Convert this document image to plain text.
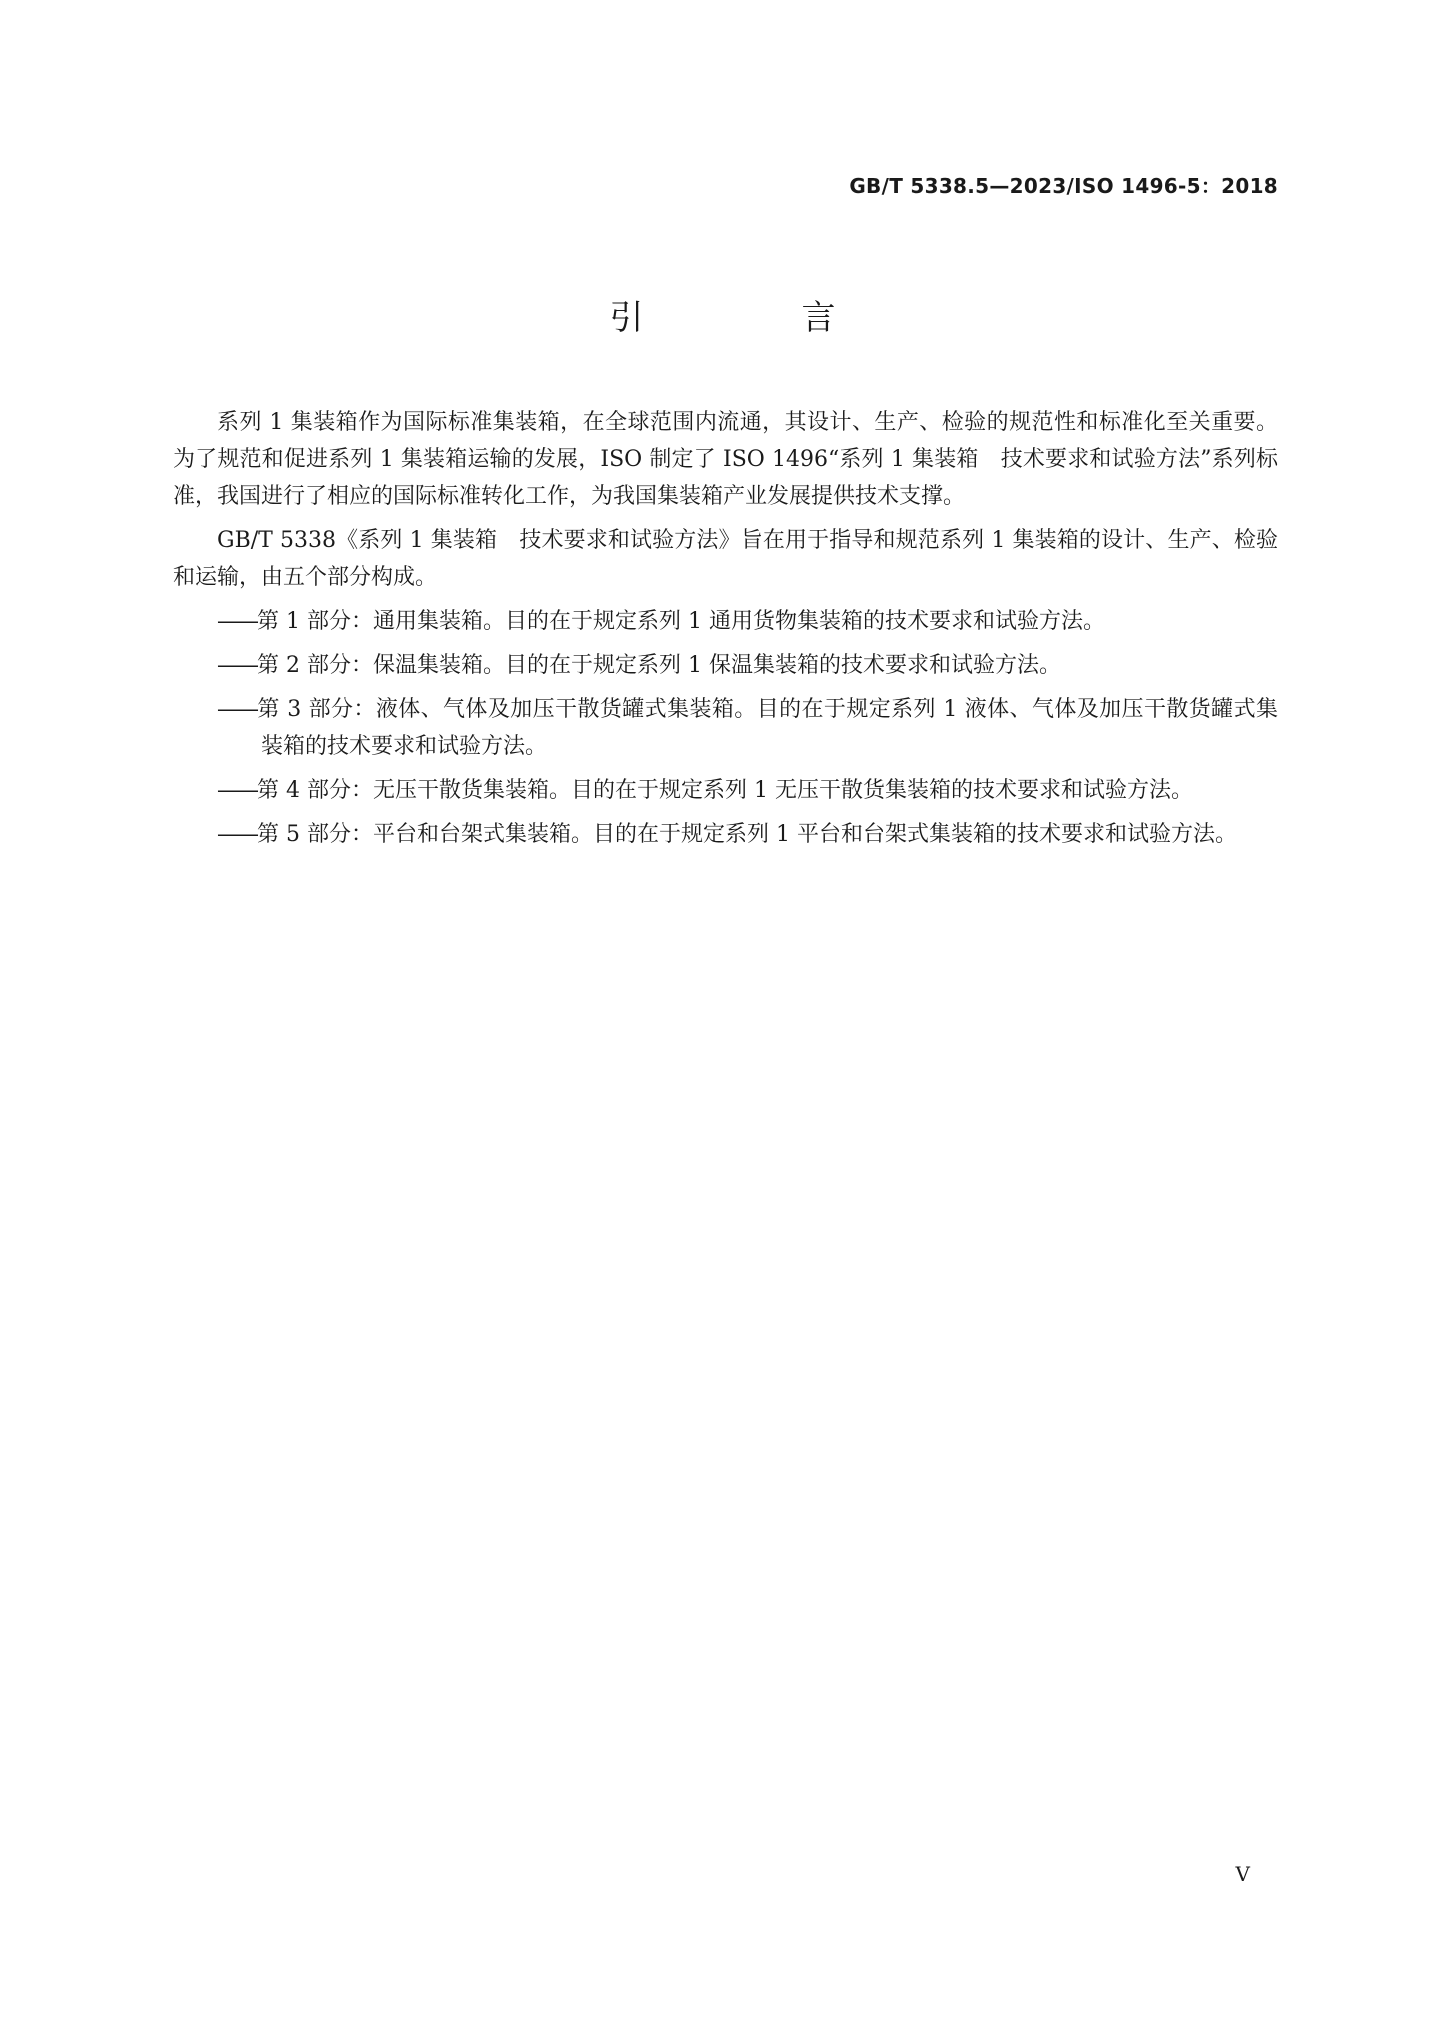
GB/T 5338.5—2023/ISO 1496-5：2018
引　言

系列 1 集装箱作为国际标准集装箱，在全球范围内流通，其设计、生产、检验的规范性和标准化至关重要。为了规范和促进系列 1 集装箱运输的发展，ISO 制定了 ISO 1496“系列 1 集装箱　技术要求和试验方法”系列标准，我国进行了相应的国际标准转化工作，为我国集装箱产业发展提供技术支撑。

GB/T 5338《系列 1 集装箱　技术要求和试验方法》旨在用于指导和规范系列 1 集装箱的设计、生产、检验和运输，由五个部分构成。

——第 1 部分：通用集装箱。目的在于规定系列 1 通用货物集装箱的技术要求和试验方法。

——第 2 部分：保温集装箱。目的在于规定系列 1 保温集装箱的技术要求和试验方法。

——第 3 部分：液体、气体及加压干散货罐式集装箱。目的在于规定系列 1 液体、气体及加压干散货罐式集装箱的技术要求和试验方法。

——第 4 部分：无压干散货集装箱。目的在于规定系列 1 无压干散货集装箱的技术要求和试验方法。

——第 5 部分：平台和台架式集装箱。目的在于规定系列 1 平台和台架式集装箱的技术要求和试验方法。

V
